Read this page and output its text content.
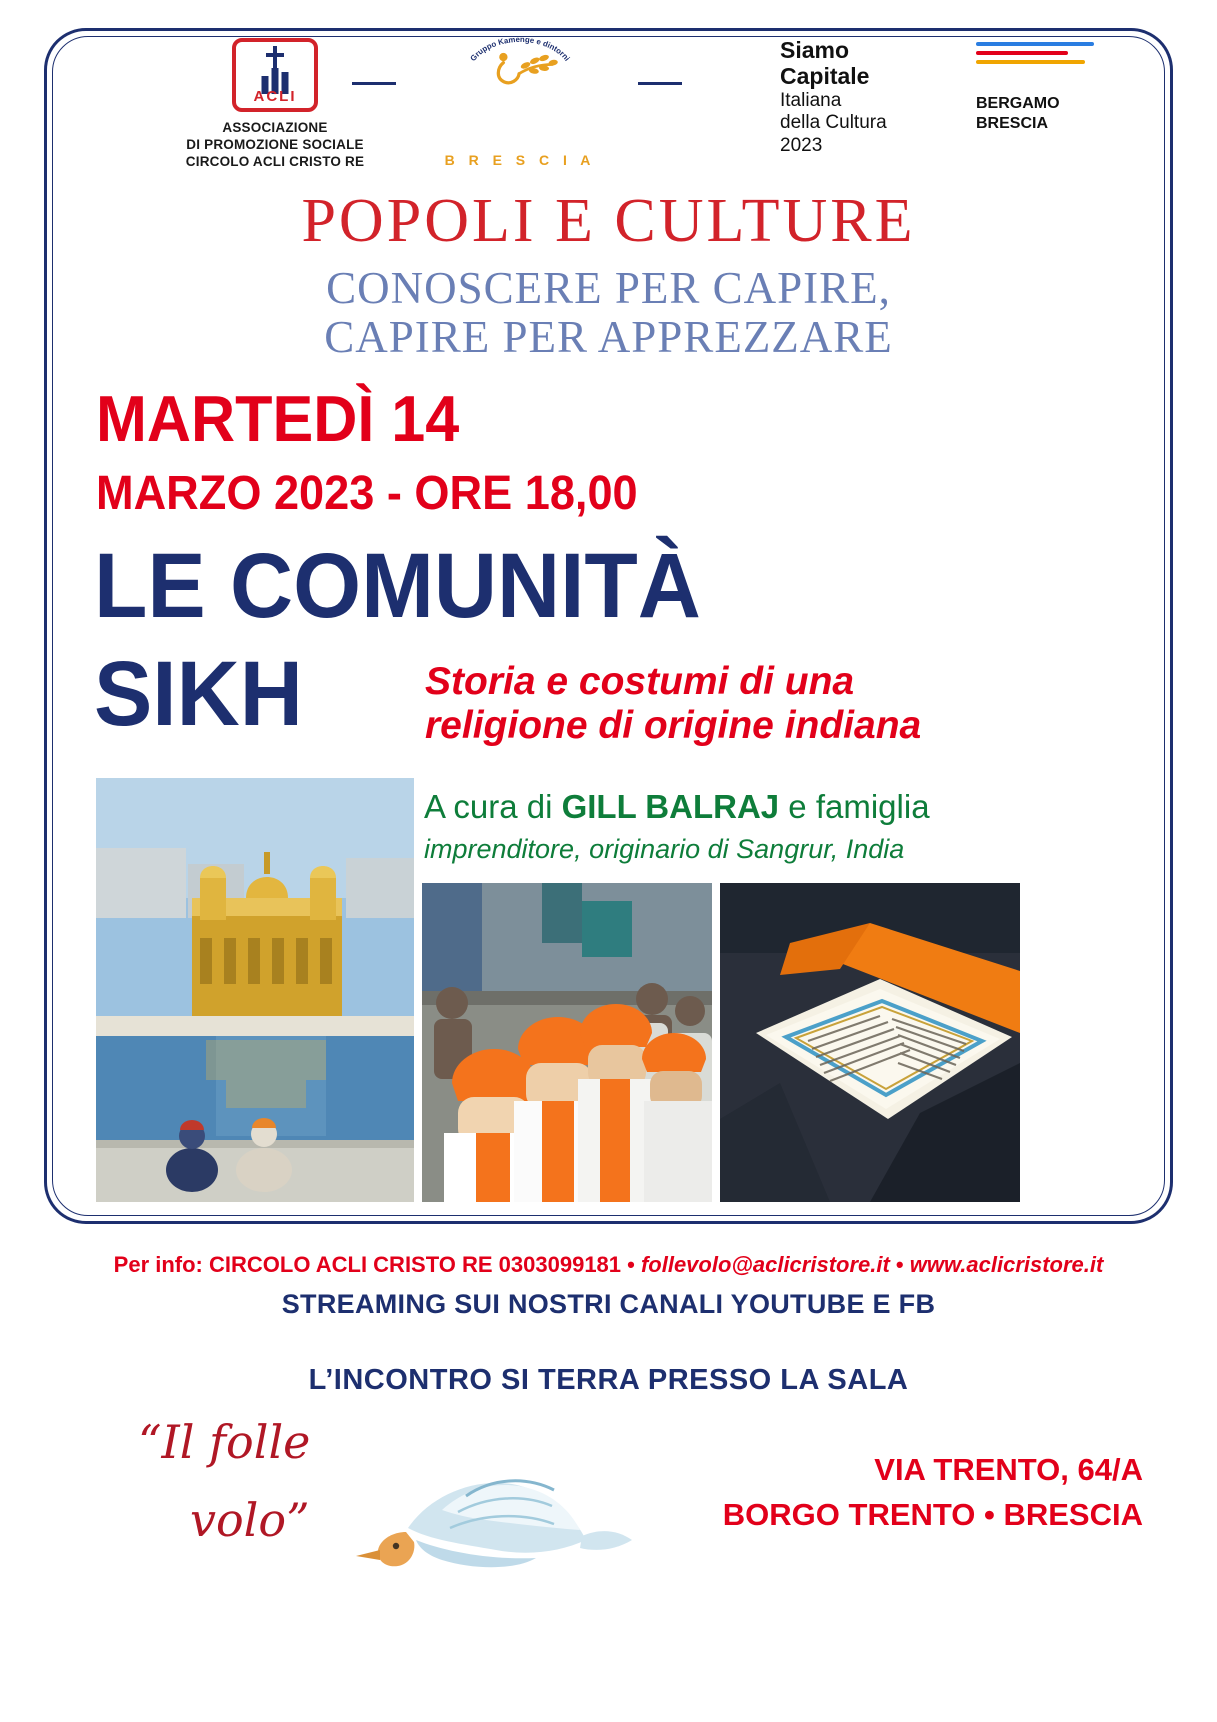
ACLI
ASSOCIAZIONE
DI PROMOZIONE SOCIALE
CIRCOLO ACLI CRISTO RE
Gruppo Kamenge e dintorni
B R E S C I A
Siamo
Capitale
Italiana
della Cultura
2023
BERGAMO
BRESCIA
POPOLI E CULTURE
CONOSCERE PER CAPIRE,
CAPIRE PER APPREZZARE
MARTEDÌ 14
MARZO 2023 - ORE 18,00
LE COMUNITÀ
SIKH	Storia e costumi di una
religione di origine indiana
A cura di GILL BALRAJ e famiglia
imprenditore, originario di Sangrur, India
Per info: CIRCOLO ACLI CRISTO RE 0303099181 • follevolo@aclicristore.it • www.aclicristore.it
STREAMING SUI NOSTRI CANALI YOUTUBE E FB
L’INCONTRO SI TERRA PRESSO LA SALA
“Il folle
volo”
VIA TRENTO, 64/A
BORGO TRENTO • BRESCIA
